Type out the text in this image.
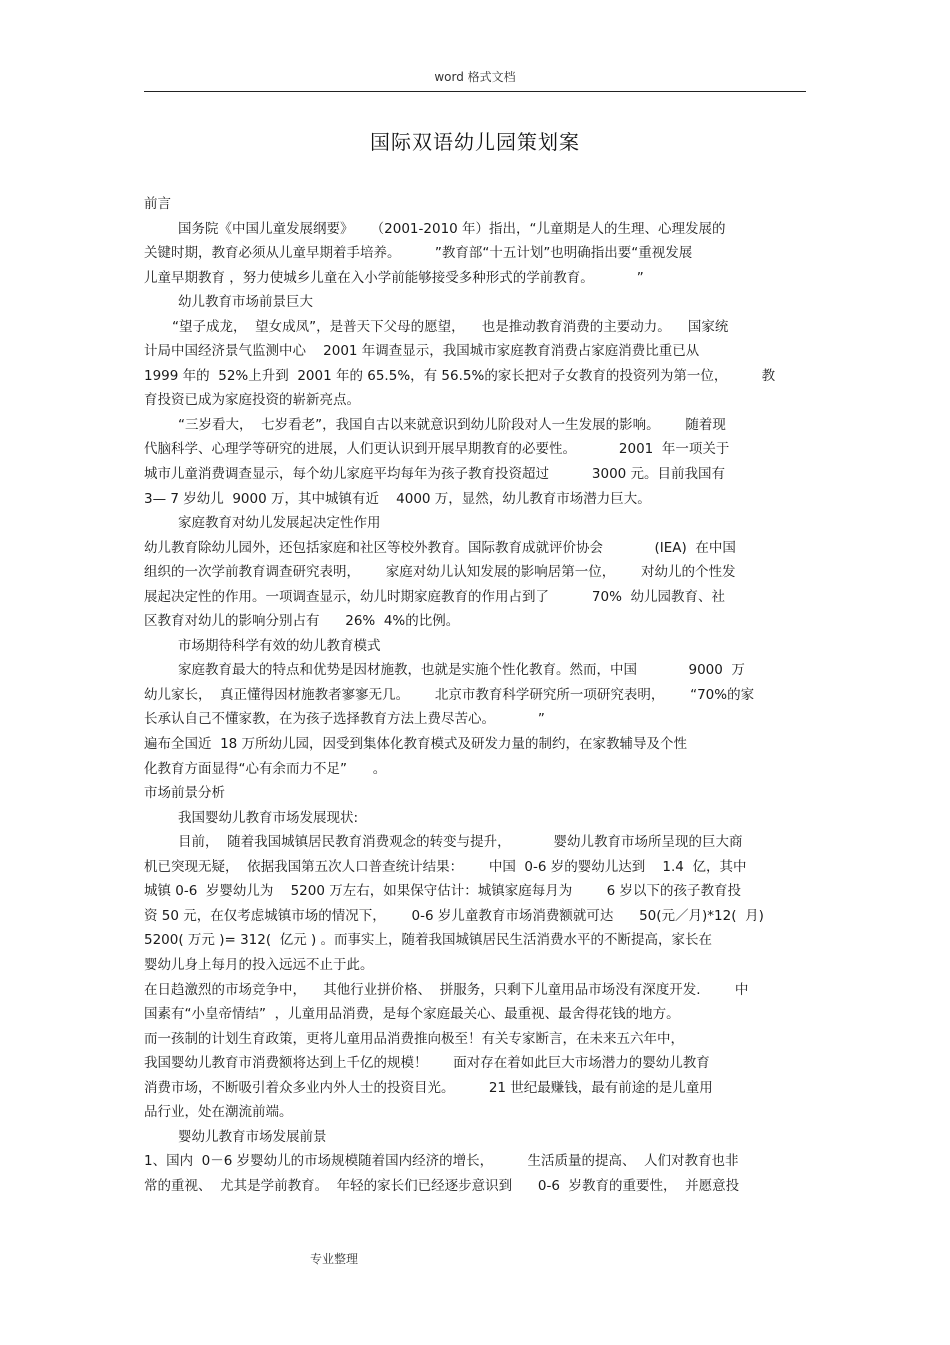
word 格式文档
国际双语幼儿园策划案
前言
国务院《中国儿童发展纲要》    （2001-2010 年）指出，“儿童期是人的生理、心理发展的
关键时期，教育必须从儿童早期着手培养。        ”教育部“十五计划”也明确指出要“重视发展
儿童早期教育 ，努力使城乡儿童在入小学前能够接受多种形式的学前教育。          ”
幼儿教育市场前景巨大
“望子成龙，  望女成凤”，是普天下父母的愿望，    也是推动教育消费的主要动力。    国家统
计局中国经济景气监测中心    2001 年调查显示，我国城市家庭教育消费占家庭消费比重已从
1999 年的  52%上升到  2001 年的 65.5%，有 56.5%的家长把对子女教育的投资列为第一位，        教
育投资已成为家庭投资的崭新亮点。
“三岁看大，  七岁看老”，我国自古以来就意识到幼儿阶段对人一生发展的影响。      随着现
代脑科学、心理学等研究的进展，人们更认识到开展早期教育的必要性。          2001  年一项关于
城市儿童消费调查显示，每个幼儿家庭平均每年为孩子教育投资超过          3000 元。目前我国有
3— 7 岁幼儿  9000 万，其中城镇有近    4000 万，显然，幼儿教育市场潜力巨大。
家庭教育对幼儿发展起决定性作用
幼儿教育除幼儿园外，还包括家庭和社区等校外教育。国际教育成就评价协会            (IEA)  在中国
组织的一次学前教育调查研究表明，      家庭对幼儿认知发展的影响居第一位，      对幼儿的个性发
展起决定性的作用。一项调查显示，幼儿时期家庭教育的作用占到了          70%  幼儿园教育、社
区教育对幼儿的影响分别占有      26%  4%的比例。
市场期待科学有效的幼儿教育模式
家庭教育最大的特点和优势是因材施教，也就是实施个性化教育。然而，中国            9000  万
幼儿家长，  真正懂得因材施教者寥寥无几。      北京市教育科学研究所一项研究表明，      “70%的家
长承认自己不懂家教，在为孩子选择教育方法上费尽苦心。          ”
遍布全国近  18 万所幼儿园，因受到集体化教育模式及研发力量的制约，在家教辅导及个性
化教育方面显得“心有余而力不足”      。
市场前景分析
我国婴幼儿教育市场发展现状:
目前，  随着我国城镇居民教育消费观念的转变与提升，          婴幼儿教育市场所呈现的巨大商
机已突现无疑，  依据我国第五次人口普查统计结果：      中国  0-6 岁的婴幼儿达到    1.4  亿，其中
城镇 0-6  岁婴幼儿为    5200 万左右，如果保守估计：城镇家庭每月为        6 岁以下的孩子教育投
资 50 元，在仅考虑城镇市场的情况下，      0-6 岁儿童教育市场消费额就可达      50(元／月)*12(  月)
5200( 万元 )= 312(  亿元 ) 。而事实上，随着我国城镇居民生活消费水平的不断提高，家长在
婴幼儿身上每月的投入远远不止于此。
在日趋激烈的市场竞争中，    其他行业拼价格、  拼服务，只剩下儿童用品市场没有深度开发.        中
国素有“小皇帝情结”  ，儿童用品消费，是每个家庭最关心、最重视、最舍得花钱的地方。
而一孩制的计划生育政策，更将儿童用品消费推向极至！有关专家断言，在未来五六年中，
我国婴幼儿教育市消费额将达到上千亿的规模！      面对存在着如此巨大市场潜力的婴幼儿教育
消费市场，不断吸引着众多业内外人士的投资目光。        21 世纪最赚钱，最有前途的是儿童用
品行业，处在潮流前端。
婴幼儿教育市场发展前景
1、国内  0－6 岁婴幼儿的市场规模随着国内经济的增长，        生活质量的提高、  人们对教育也非
常的重视、  尤其是学前教育。  年轻的家长们已经逐步意识到      0-6  岁教育的重要性，  并愿意投
专业整理
